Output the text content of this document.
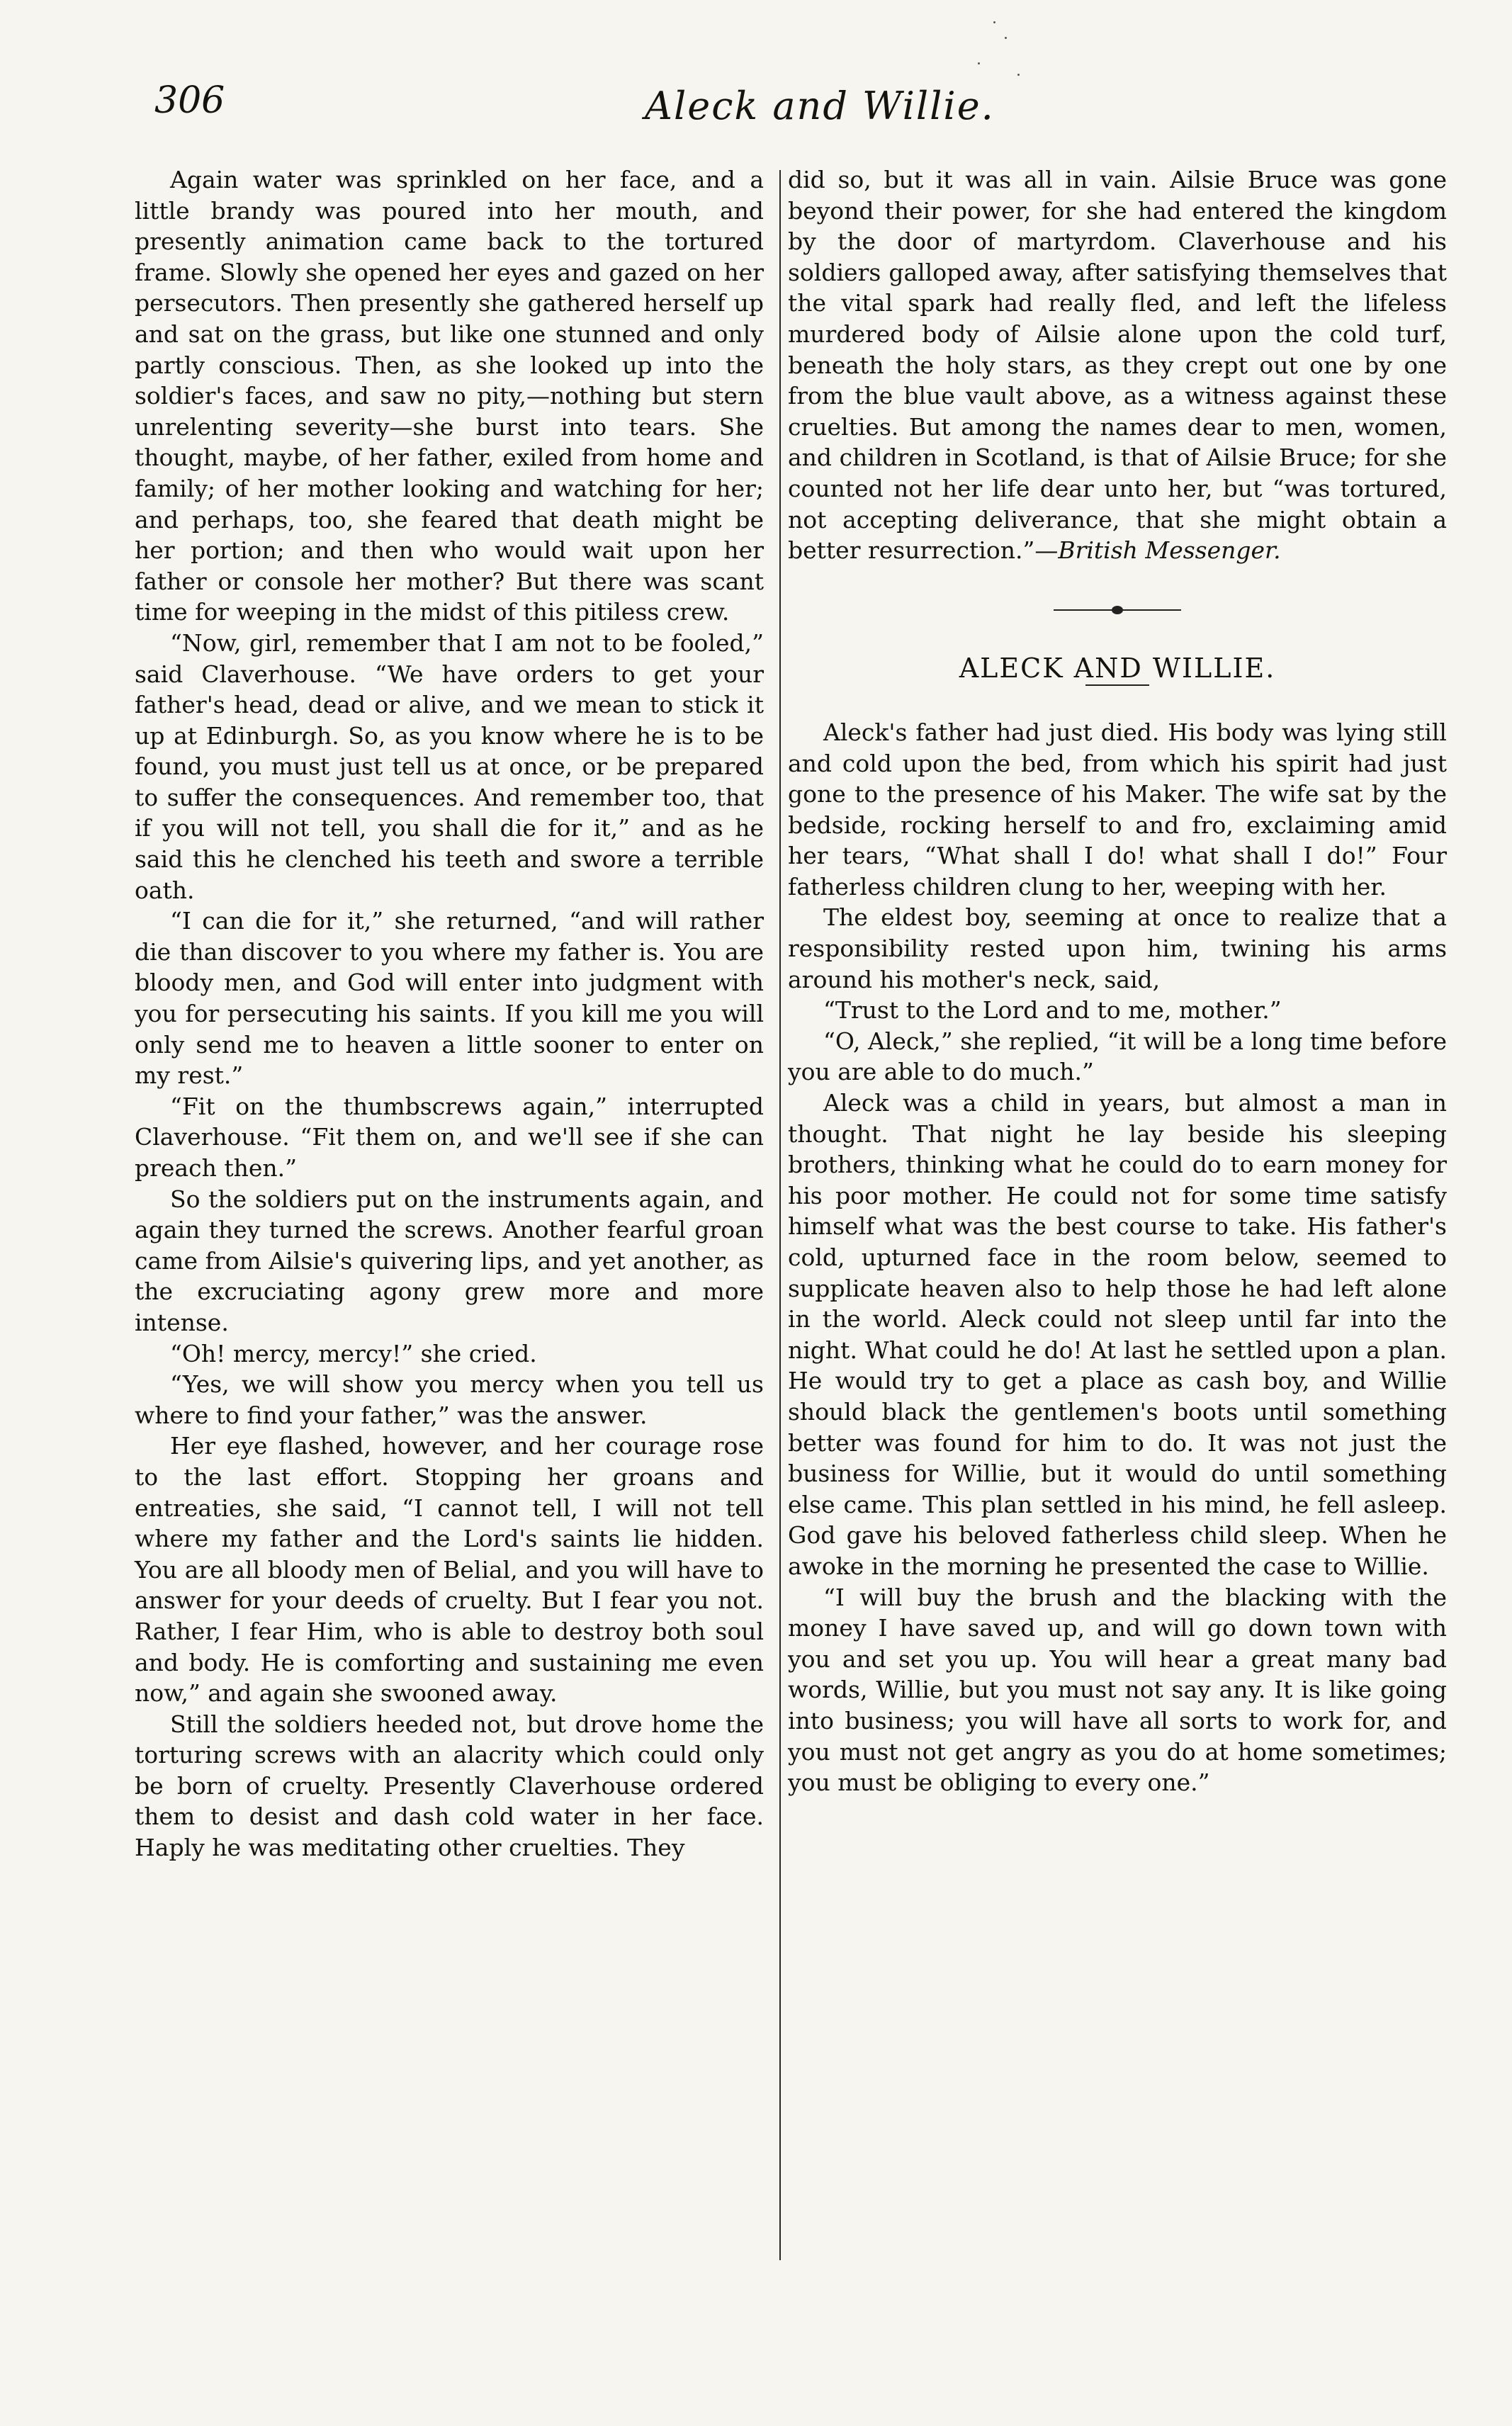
306	Aleck and Willie.

Again water was sprinkled on her face, and a little brandy was poured into her mouth, and presently animation came back to the tortured frame. Slowly she opened her eyes and gazed on her persecutors. Then presently she gathered herself up and sat on the grass, but like one stunned and only partly conscious. Then, as she looked up into the soldier's faces, and saw no pity,—nothing but stern unrelenting severity—she burst into tears. She thought, maybe, of her father, exiled from home and family; of her mother looking and watching for her; and perhaps, too, she feared that death might be her portion; and then who would wait upon her father or console her mother? But there was scant time for weeping in the midst of this pitiless crew.

“Now, girl, remember that I am not to be fooled,” said Claverhouse. “We have orders to get your father's head, dead or alive, and we mean to stick it up at Edinburgh. So, as you know where he is to be found, you must just tell us at once, or be prepared to suffer the consequences. And remember too, that if you will not tell, you shall die for it,” and as he said this he clenched his teeth and swore a terrible oath.

“I can die for it,” she returned, “and will rather die than discover to you where my father is. You are bloody men, and God will enter into judgment with you for persecuting his saints. If you kill me you will only send me to heaven a little sooner to enter on my rest.”

“Fit on the thumbscrews again,” interrupted Claverhouse. “Fit them on, and we'll see if she can preach then.”

So the soldiers put on the instruments again, and again they turned the screws. Another fearful groan came from Ailsie's quivering lips, and yet another, as the excruciating agony grew more and more intense.

“Oh! mercy, mercy!” she cried.

“Yes, we will show you mercy when you tell us where to find your father,” was the answer.

Her eye flashed, however, and her courage rose to the last effort. Stopping her groans and entreaties, she said, “I cannot tell, I will not tell where my father and the Lord's saints lie hidden. You are all bloody men of Belial, and you will have to answer for your deeds of cruelty. But I fear you not. Rather, I fear Him, who is able to destroy both soul and body. He is comforting and sustaining me even now,” and again she swooned away.

Still the soldiers heeded not, but drove home the torturing screws with an alacrity which could only be born of cruelty. Presently Claverhouse ordered them to desist and dash cold water in her face. Haply he was meditating other cruelties. They

did so, but it was all in vain. Ailsie Bruce was gone beyond their power, for she had entered the kingdom by the door of martyrdom. Claverhouse and his soldiers galloped away, after satisfying themselves that the vital spark had really fled, and left the lifeless murdered body of Ailsie alone upon the cold turf, beneath the holy stars, as they crept out one by one from the blue vault above, as a witness against these cruelties. But among the names dear to men, women, and children in Scotland, is that of Ailsie Bruce; for she counted not her life dear unto her, but “was tortured, not accepting deliverance, that she might obtain a better resurrection.”—British Messenger.

ALECK AND WILLIE.

Aleck's father had just died. His body was lying still and cold upon the bed, from which his spirit had just gone to the presence of his Maker. The wife sat by the bedside, rocking herself to and fro, exclaiming amid her tears, “What shall I do! what shall I do!” Four fatherless children clung to her, weeping with her.

The eldest boy, seeming at once to realize that a responsibility rested upon him, twining his arms around his mother's neck, said,

“Trust to the Lord and to me, mother.”

“O, Aleck,” she replied, “it will be a long time before you are able to do much.”

Aleck was a child in years, but almost a man in thought. That night he lay beside his sleeping brothers, thinking what he could do to earn money for his poor mother. He could not for some time satisfy himself what was the best course to take. His father's cold, upturned face in the room below, seemed to supplicate heaven also to help those he had left alone in the world. Aleck could not sleep until far into the night. What could he do! At last he settled upon a plan. He would try to get a place as cash boy, and Willie should black the gentlemen's boots until something better was found for him to do. It was not just the business for Willie, but it would do until something else came. This plan settled in his mind, he fell asleep. God gave his beloved fatherless child sleep. When he awoke in the morning he presented the case to Willie.

“I will buy the brush and the blacking with the money I have saved up, and will go down town with you and set you up. You will hear a great many bad words, Willie, but you must not say any. It is like going into business; you will have all sorts to work for, and you must not get angry as you do at home sometimes; you must be obliging to every one.”
